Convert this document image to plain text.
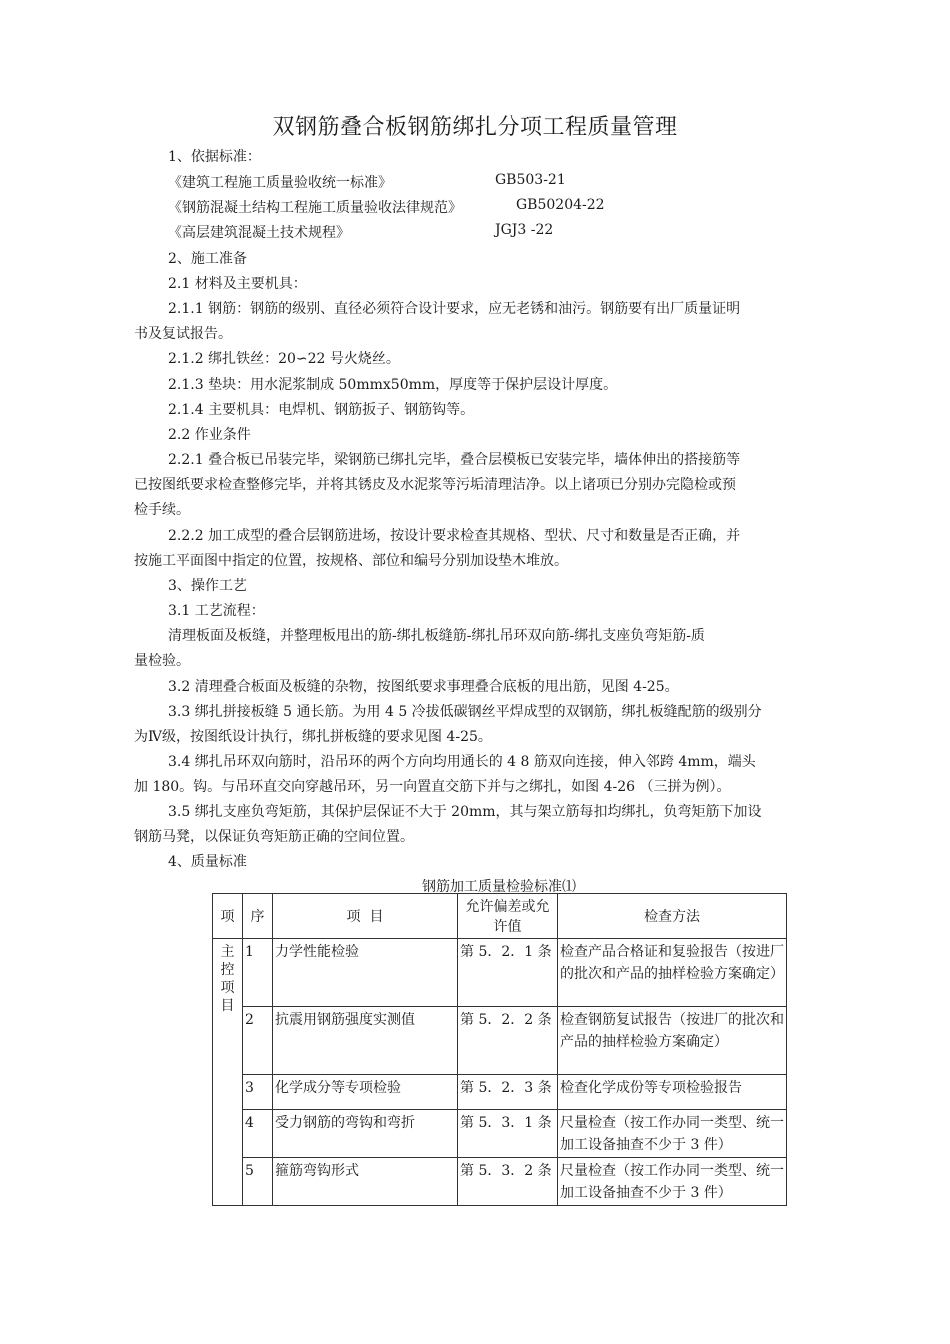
双钢筋叠合板钢筋绑扎分项工程质量管理
1、依据标准：
《建筑工程施工质量验收统一标准》	GB503-21
《钢筋混凝土结构工程施工质量验收法律规范》	GB50204-22
《高层建筑混凝土技术规程》	JGJ3 -22
2、施工准备
2.1 材料及主要机具：
2.1.1 钢筋：钢筋的级别、直径必须符合设计要求，应无老锈和油污。钢筋要有出厂质量证明
书及复试报告。
2.1.2 绑扎铁丝：20∽22 号火烧丝。
2.1.3 垫块：用水泥浆制成 50mmx50mm，厚度等于保护层设计厚度。
2.1.4 主要机具：电焊机、钢筋扳子、钢筋钩等。
2.2 作业条件
2.2.1 叠合板已吊装完毕，梁钢筋已绑扎完毕，叠合层模板已安装完毕，墙体伸出的搭接筋等
已按图纸要求检查整修完毕，并将其锈皮及水泥浆等污垢清理洁净。以上诸项已分别办完隐检或预
检手续。
2.2.2 加工成型的叠合层钢筋进场，按设计要求检查其规格、型状、尺寸和数量是否正确，并
按施工平面图中指定的位置，按规格、部位和编号分别加设垫木堆放。
3、操作工艺
3.1 工艺流程：
清理板面及板缝，并整理板甩出的筋-绑扎板缝筋-绑扎吊环双向筋-绑扎支座负弯矩筋-质
量检验。
3.2 清理叠合板面及板缝的杂物，按图纸要求事理叠合底板的甩出筋，见图 4-25。
3.3 绑扎拼接板缝 5 通长筋。为用 4 5 冷拔低碳钢丝平焊成型的双钢筋，绑扎板缝配筋的级别分
为Ⅳ级，按图纸设计执行，绑扎拼板缝的要求见图 4-25。
3.4 绑扎吊环双向筋时，沿吊环的两个方向均用通长的 4 8 筋双向连接，伸入邻跨 4mm，端头
加 180。钩。与吊环直交向穿越吊环，另一向置直交筋下并与之绑扎，如图 4-26 （三拼为例）。
3.5 绑扎支座负弯矩筋，其保护层保证不大于 20mm，其与架立筋每扣均绑扎，负弯矩筋下加设
钢筋马凳，以保证负弯矩筋正确的空间位置。
4、质量标准
钢筋加工质量检验标准⑴
项	序	项  目	允许偏差或允许值	检查方法

主控项目	1	力学性能检验	第 5．2．1 条	检查产品合格证和复验报告（按进厂的批次和产品的抽样检验方案确定）
	2	抗震用钢筋强度实测值	第 5．2．2 条	检查钢筋复试报告（按进厂的批次和产品的抽样检验方案确定）
	3	化学成分等专项检验	第 5．2．3 条	检查化学成份等专项检验报告
	4	受力钢筋的弯钩和弯折	第 5．3．1 条	尺量检查（按工作办同一类型、统一加工设备抽查不少于 3 件）
	5	箍筋弯钩形式	第 5．3．2 条	尺量检查（按工作办同一类型、统一加工设备抽查不少于 3 件）
